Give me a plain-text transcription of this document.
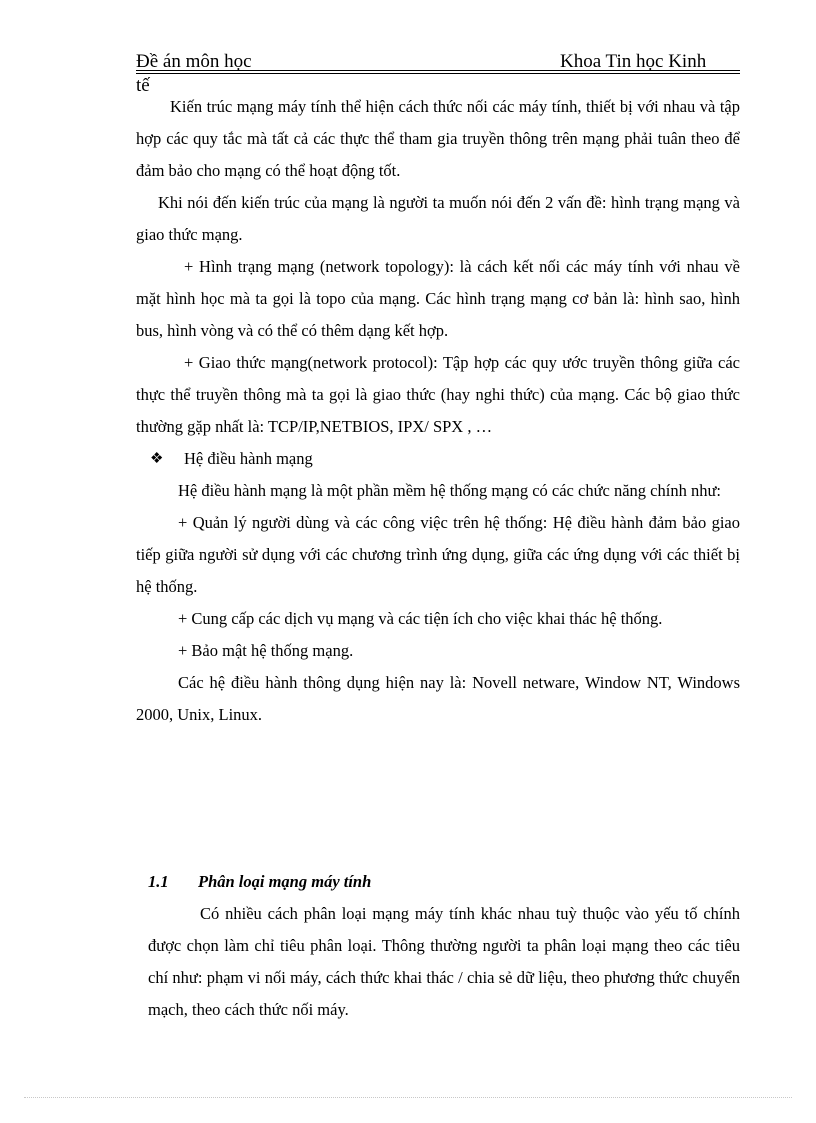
Đề án môn học	Khoa Tin học Kinh
tế

Kiến trúc mạng máy tính thể hiện cách thức nối các máy tính, thiết bị với nhau và tập hợp các quy tắc mà tất cả các thực thể tham gia truyền thông trên mạng phải tuân theo để đảm bảo cho mạng có thể hoạt động tốt.

Khi nói đến kiến trúc của mạng là người ta muốn nói đến 2 vấn đề: hình trạng mạng và giao thức mạng.

+ Hình trạng mạng (network topology): là cách kết nối các máy tính với nhau về mặt hình học mà ta gọi là topo của mạng. Các hình trạng mạng cơ bản là: hình sao, hình bus, hình vòng và có thể có thêm dạng kết hợp.

+ Giao thức mạng(network protocol): Tập hợp các quy ước truyền thông giữa các thực thể truyền thông mà ta gọi là giao thức (hay nghi thức) của mạng. Các bộ giao thức thường gặp nhất là: TCP/IP,NETBIOS, IPX/ SPX , …

❖ Hệ điều hành mạng

Hệ điều hành mạng là một phần mềm hệ thống mạng có các chức năng chính như:

+ Quản lý người dùng và các công việc trên hệ thống: Hệ điều hành đảm bảo giao tiếp giữa người sử dụng với các chương trình ứng dụng, giữa các ứng dụng với các thiết bị hệ thống.

+ Cung cấp các dịch vụ mạng và các tiện ích cho việc khai thác hệ thống.

+ Bảo mật hệ thống mạng.

Các hệ điều hành thông dụng hiện nay là: Novell netware, Window NT, Windows 2000, Unix, Linux.

1.1 Phân loại mạng máy tính

Có nhiều cách phân loại mạng máy tính khác nhau tuỳ thuộc vào yếu tố chính được chọn làm chỉ tiêu phân loại. Thông thường người ta phân loại mạng theo các tiêu chí như: phạm vi nối máy, cách thức khai thác / chia sẻ dữ liệu, theo phương thức chuyển mạch, theo cách thức nối máy.
